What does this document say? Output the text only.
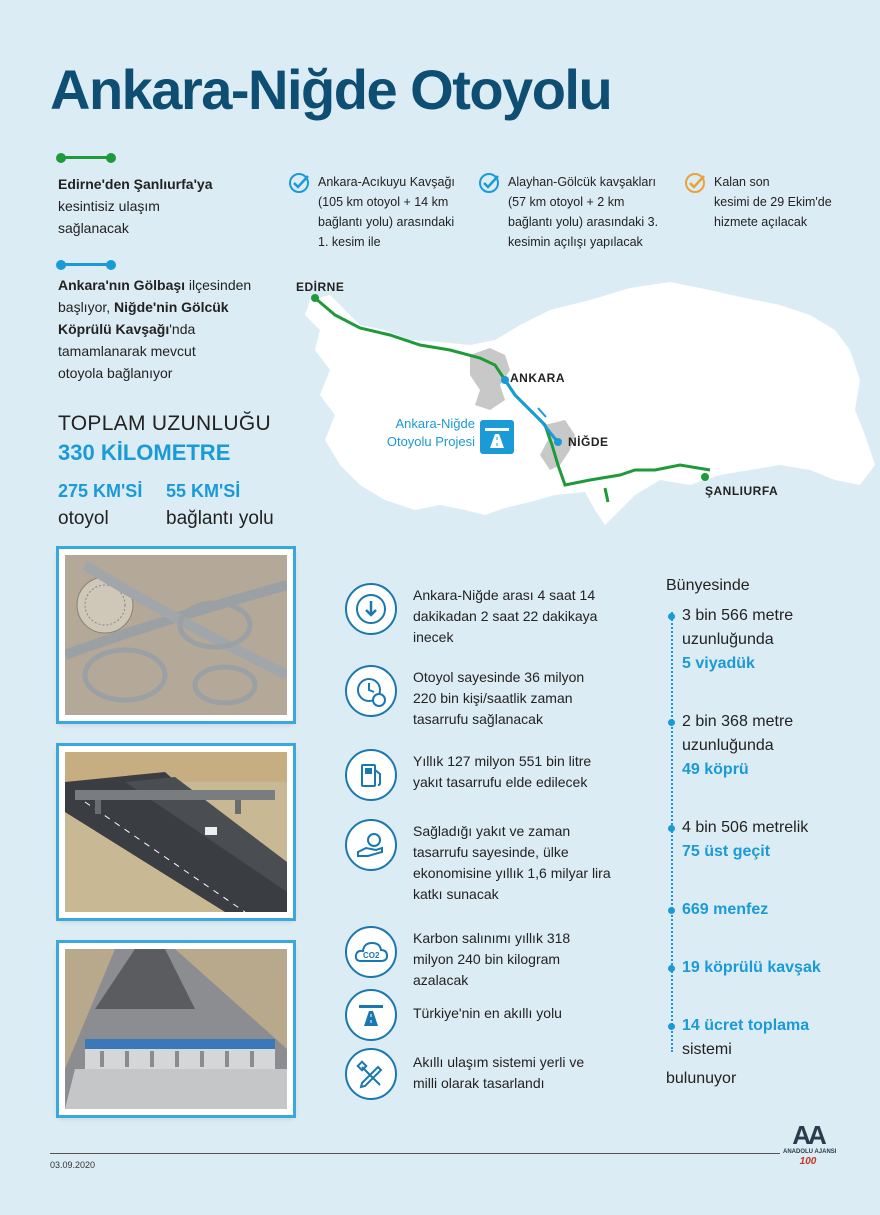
Ankara-Niğde Otoyolu
Edirne'den Şanlıurfa'ya
kesintisiz ulaşım
sağlanacak
Ankara'nın Gölbaşı ilçesinden
başlıyor, Niğde'nin Gölcük
Köprülü Kavşağı'nda
tamamlanarak mevcut
otoyola bağlanıyor
Ankara-Acıkuyu Kavşağı
(105 km otoyol + 14 km
bağlantı yolu) arasındaki
1. kesim ile
Alayhan-Gölcük kavşakları
(57 km otoyol + 2 km
bağlantı yolu) arasındaki 3.
kesimin açılışı yapılacak
Kalan son
kesimi de 29 Ekim'de
hizmete açılacak
EDİRNE
ANKARA
NİĞDE
ŞANLIURFA
Ankara-Niğde
Otoyolu Projesi
TOPLAM UZUNLUĞU
330 KİLOMETRE
275 KM'Sİ
otoyol
55 KM'Sİ
bağlantı yolu
Ankara-Niğde arası 4 saat 14
dakikadan 2 saat 22 dakikaya
inecek
Otoyol sayesinde 36 milyon
220 bin kişi/saatlik zaman
tasarrufu sağlanacak
Yıllık 127 milyon 551 bin litre
yakıt tasarrufu elde edilecek
Sağladığı yakıt ve zaman
tasarrufu sayesinde, ülke
ekonomisine yıllık 1,6 milyar lira
katkı sunacak
CO2
Karbon salınımı yıllık 318
milyon 240 bin kilogram
azalacak
Türkiye'nin en akıllı yolu
Akıllı ulaşım sistemi yerli ve
milli olarak tasarlandı
Bünyesinde
3 bin 566 metre
uzunluğunda
5 viyadük
2 bin 368 metre
uzunluğunda
49 köprü
4 bin 506 metrelik
75 üst geçit
669 menfez
19 köprülü kavşak
14 ücret toplama
sistemi
bulunuyor
03.09.2020
AA
ANADOLU AJANSI
100
